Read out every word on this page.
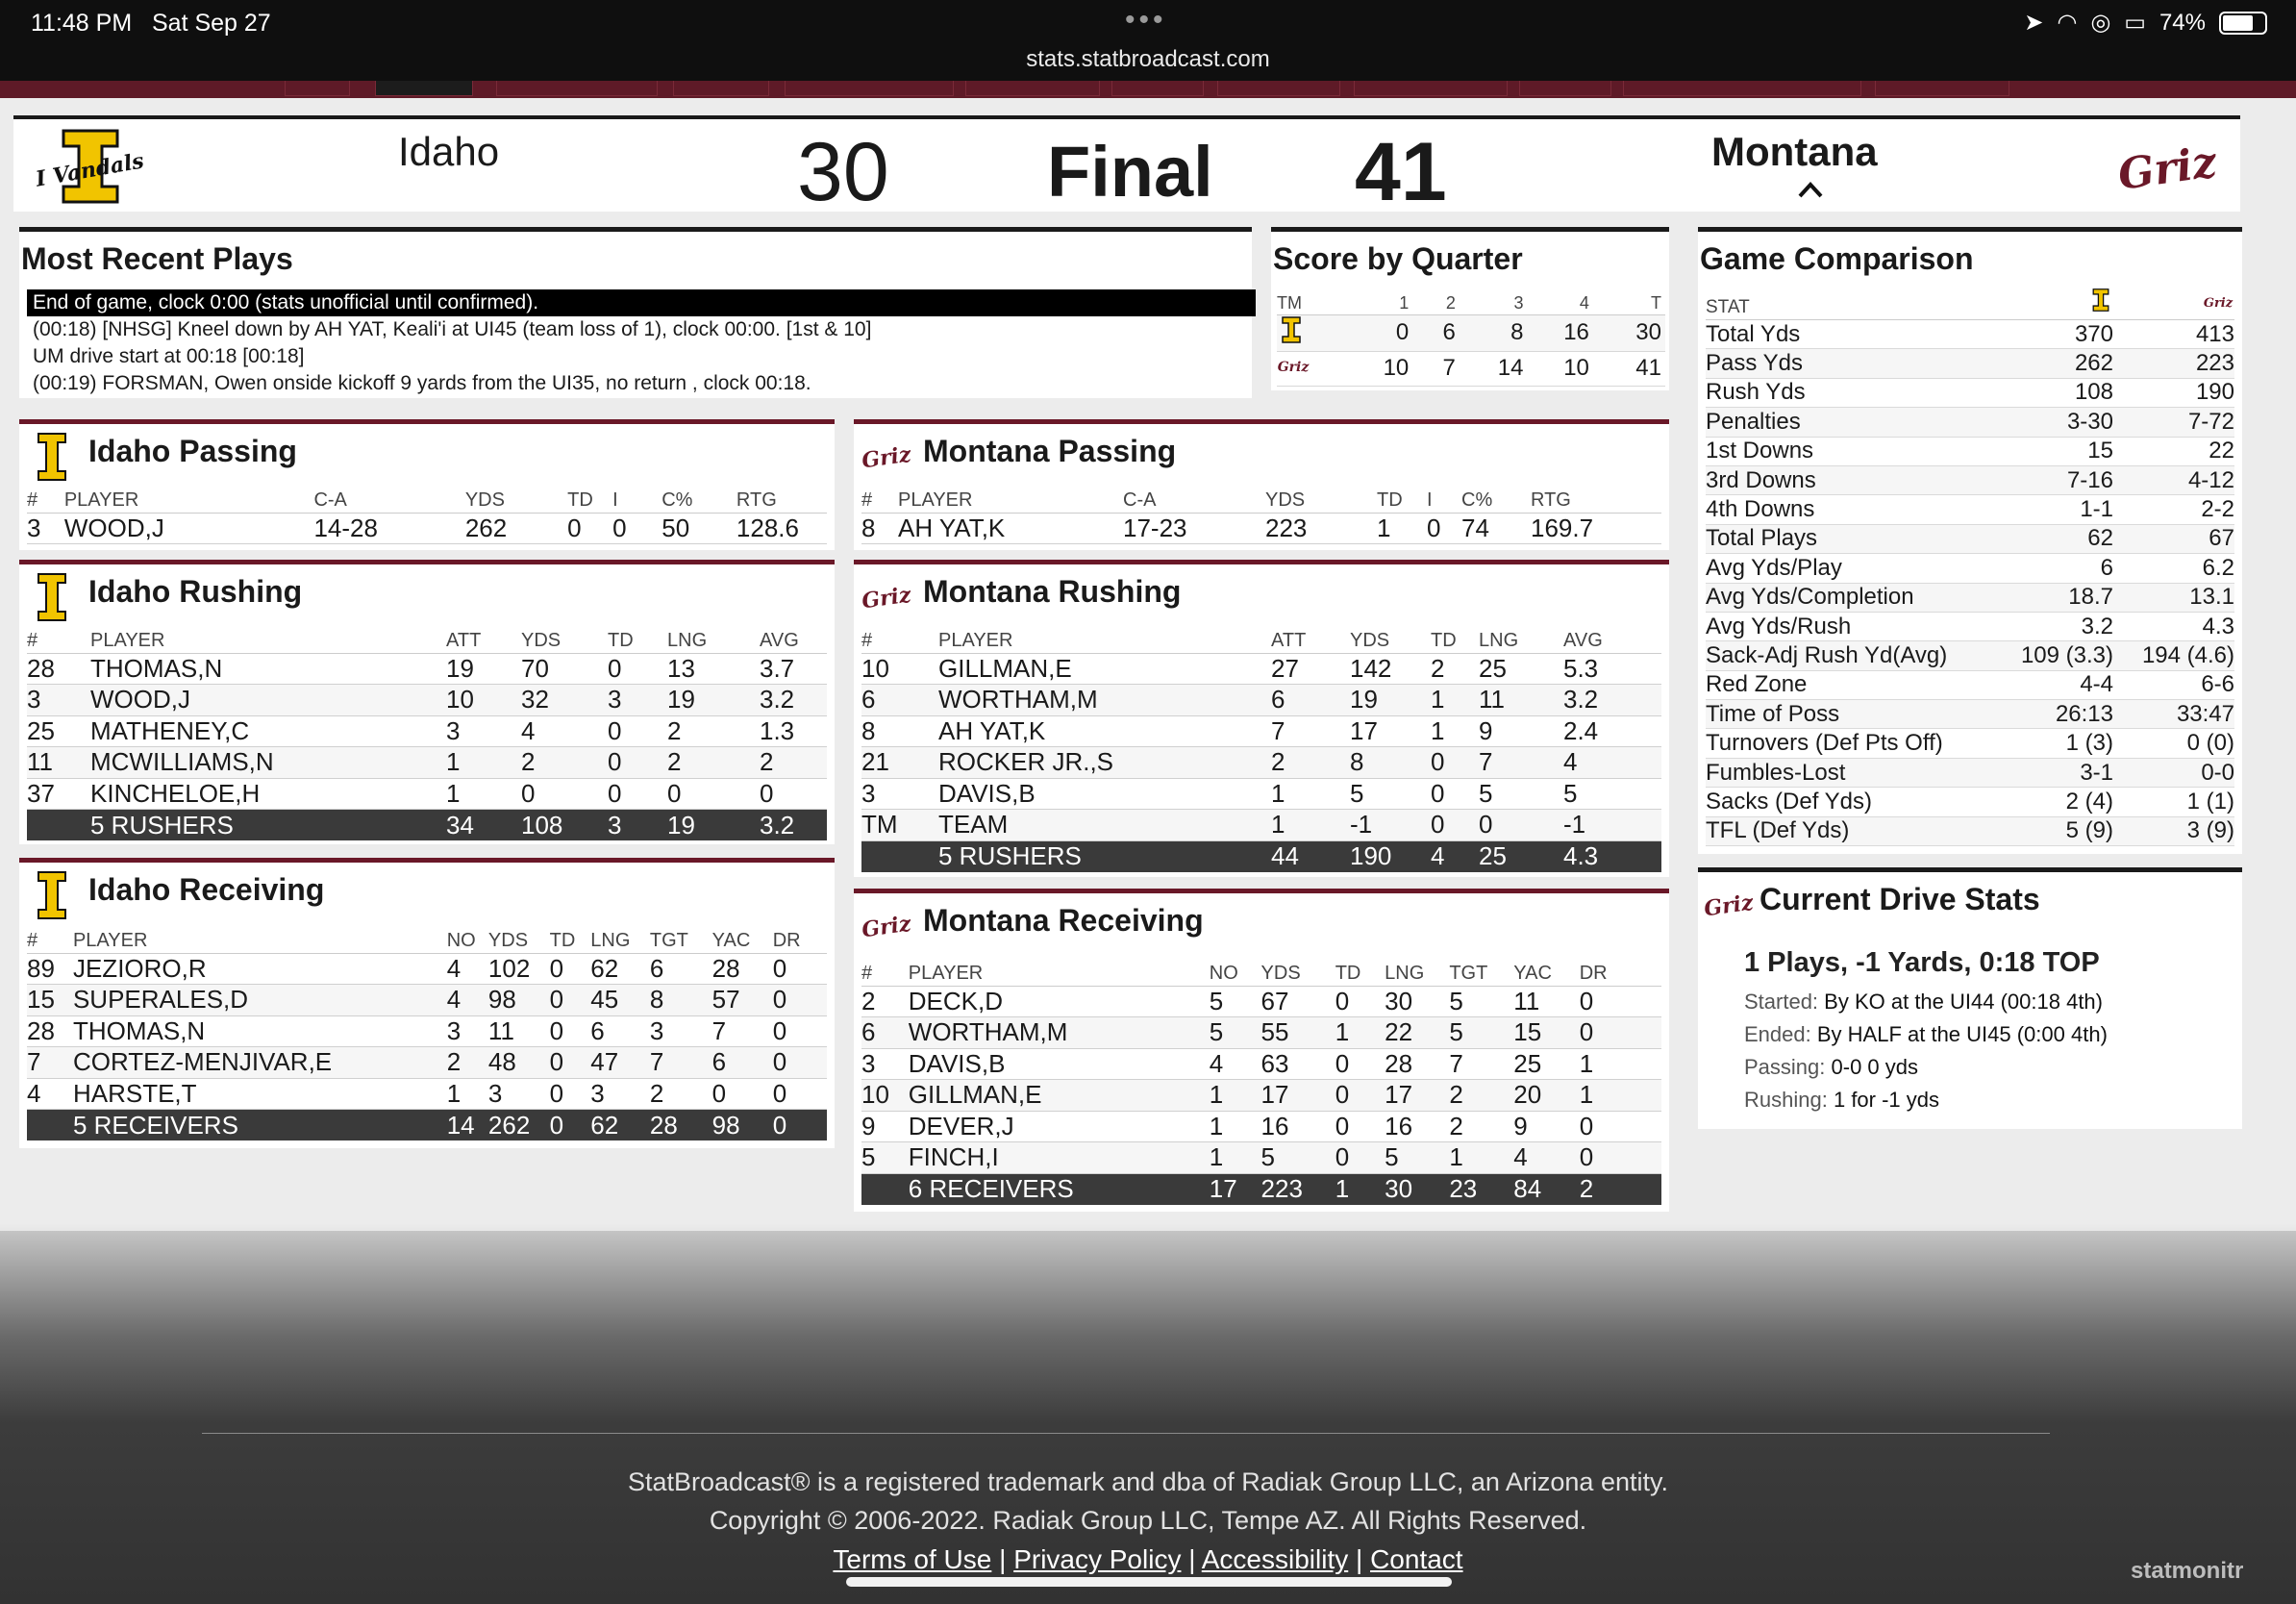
11:48 PM Sat Sep 27	•••
stats.statbroadcast.com
➤ ◠ ◎ ▭ 74%
I Vandals	Idaho	30 Final 41	Montana	Griz
Most Recent Plays
End of game, clock 0:00 (stats unofficial until confirmed).
(00:18) [NHSG] Kneel down by AH YAT, Keali'i at UI45 (team loss of 1), clock 00:00. [1st & 10]
UM drive start at 00:18 [00:18]
(00:19) FORSMAN, Owen onside kickoff 9 yards from the UI35, no return , clock 00:18.
Score by Quarter
TM	1	2	3	4	T
	0	6	8	16	30

Griz	10	7	14	10	41
Game Comparison
STAT		Griz

Total Yds	370	413
Pass Yds	262	223
Rush Yds	108	190
Penalties	3-30	7-72
1st Downs	15	22
3rd Downs	7-16	4-12
4th Downs	1-1	2-2
Total Plays	62	67
Avg Yds/Play	6	6.2
Avg Yds/Completion	18.7	13.1
Avg Yds/Rush	3.2	4.3
Sack-Adj Rush Yd(Avg)	109 (3.3)	194 (4.6)
Red Zone	4-4	6-6
Time of Poss	26:13	33:47
Turnovers (Def Pts Off)	1 (3)	0 (0)
Fumbles-Lost	3-1	0-0
Sacks (Def Yds)	2 (4)	1 (1)
TFL (Def Yds)	5 (9)	3 (9)
Griz Current Drive Stats
1 Plays, -1 Yards, 0:18 TOP
Started: By KO at the UI44 (00:18 4th)
Ended: By HALF at the UI45 (0:00 4th)
Passing: 0-0 0 yds
Rushing: 1 for -1 yds
Idaho Passing
#	PLAYER	C-A	YDS	TD	I	C%	RTG
3	WOOD,J	14-28	262	0	0	50	128.6
Griz Montana Passing
#	PLAYER	C-A	YDS	TD	I	C%	RTG
8	AH YAT,K	17-23	223	1	0	74	169.7
Idaho Rushing
#	PLAYER	ATT	YDS	TD	LNG	AVG
28	THOMAS,N	19	70	0	13	3.7
3	WOOD,J	10	32	3	19	3.2
25	MATHENEY,C	3	4	0	2	1.3
11	MCWILLIAMS,N	1	2	0	2	2
37	KINCHELOE,H	1	0	0	0	0
	5 RUSHERS	34	108	3	19	3.2
Griz Montana Rushing
#	PLAYER	ATT	YDS	TD	LNG	AVG
10	GILLMAN,E	27	142	2	25	5.3
6	WORTHAM,M	6	19	1	11	3.2
8	AH YAT,K	7	17	1	9	2.4
21	ROCKER JR.,S	2	8	0	7	4
3	DAVIS,B	1	5	0	5	5
TM	TEAM	1	-1	0	0	-1
	5 RUSHERS	44	190	4	25	4.3
Idaho Receiving
#	PLAYER	NO	YDS	TD	LNG	TGT	YAC	DR
89	JEZIORO,R	4	102	0	62	6	28	0
15	SUPERALES,D	4	98	0	45	8	57	0
28	THOMAS,N	3	11	0	6	3	7	0
7	CORTEZ-MENJIVAR,E	2	48	0	47	7	6	0
4	HARSTE,T	1	3	0	3	2	0	0
	5 RECEIVERS	14	262	0	62	28	98	0
Griz Montana Receiving
#	PLAYER	NO	YDS	TD	LNG	TGT	YAC	DR
2	DECK,D	5	67	0	30	5	11	0
6	WORTHAM,M	5	55	1	22	5	15	0
3	DAVIS,B	4	63	0	28	7	25	1
10	GILLMAN,E	1	17	0	17	2	20	1
9	DEVER,J	1	16	0	16	2	9	0
5	FINCH,I	1	5	0	5	1	4	0
	6 RECEIVERS	17	223	1	30	23	84	2
StatBroadcast® is a registered trademark and dba of Radiak Group LLC, an Arizona entity.
Copyright © 2006-2022. Radiak Group LLC, Tempe AZ. All Rights Reserved.
Terms of Use | Privacy Policy | Accessibility | Contact	statmonitr
